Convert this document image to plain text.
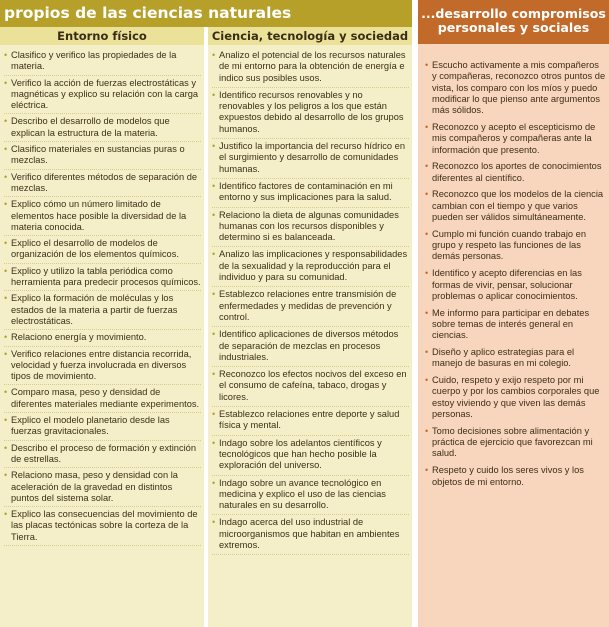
propios de las ciencias naturales	...desarrollo compromisos
personales y sociales
Entorno físico
• Clasifico y verifico las propiedades de la materia.
• Verifico la acción de fuerzas electrostáticas y magnéticas y explico su relación con la carga eléctrica.
• Describo el desarrollo de modelos que explican la estructura de la materia.
• Clasifico materiales en sustancias puras o mezclas.
• Verifico diferentes métodos de separación de mezclas.
• Explico cómo un número limitado de elementos hace posible la diversidad de la materia conocida.
• Explico el desarrollo de modelos de organización de los elementos químicos.
• Explico y utilizo la tabla periódica como herramienta para predecir procesos químicos.
• Explico la formación de moléculas y los estados de la materia a partir de fuerzas electrostáticas.
• Relaciono energía y movimiento.
• Verifico relaciones entre distancia recorrida, velocidad y fuerza involucrada en diversos tipos de movimiento.
• Comparo masa, peso y densidad de diferentes materiales mediante experimentos.
• Explico el modelo planetario desde las fuerzas gravitacionales.
• Describo el proceso de formación y extinción de estrellas.
• Relaciono masa, peso y densidad con la aceleración de la gravedad en distintos puntos del sistema solar.
• Explico las consecuencias del movimiento de las placas tectónicas sobre la corteza de la Tierra.
Ciencia, tecnología y sociedad
• Analizo el potencial de los recursos naturales de mi entorno para la obtención de energía e indico sus posibles usos.
• Identifico recursos renovables y no renovables y los peligros a los que están expuestos debido al desarrollo de los grupos humanos.
• Justifico la importancia del recurso hídrico en el surgimiento y desarrollo de comunidades humanas.
• Identifico factores de contaminación en mi entorno y sus implicaciones para la salud.
• Relaciono la dieta de algunas comunidades humanas con los recursos disponibles y determino si es balanceada.
• Analizo las implicaciones y responsabilidades de la sexualidad y la reproducción para el individuo y para su comunidad.
• Establezco relaciones entre transmisión de enfermedades y medidas de prevención y control.
• Identifico aplicaciones de diversos métodos de separación de mezclas en procesos industriales.
• Reconozco los efectos nocivos del exceso en el consumo de cafeína, tabaco, drogas y licores.
• Establezco relaciones entre deporte y salud física y mental.
• Indago sobre los adelantos científicos y tecnológicos que han hecho posible la exploración del universo.
• Indago sobre un avance tecnológico en medicina y explico el uso de las ciencias naturales en su desarrollo.
• Indago acerca del uso industrial de microorganismos que habitan en ambientes extremos.
• Escucho activamente a mis compañeros y compañeras, reconozco otros puntos de vista, los comparo con los míos y puedo modificar lo que pienso ante argumentos más sólidos.
• Reconozco y acepto el escepticismo de mis compañeros y compañeras ante la información que presento.
• Reconozco los aportes de conocimientos diferentes al científico.
• Reconozco que los modelos de la ciencia cambian con el tiempo y que varios pueden ser válidos simultáneamente.
• Cumplo mi función cuando trabajo en grupo y respeto las funciones de las demás personas.
• Identifico y acepto diferencias en las formas de vivir, pensar, solucionar problemas o aplicar conocimientos.
• Me informo para participar en debates sobre temas de interés general en ciencias.
• Diseño y aplico estrategias para el manejo de basuras en mi colegio.
• Cuido, respeto y exijo respeto por mi cuerpo y por los cambios corporales que estoy viviendo y que viven las demás personas.
• Tomo decisiones sobre alimentación y práctica de ejercicio que favorezcan mi salud.
• Respeto y cuido los seres vivos y los objetos de mi entorno.
